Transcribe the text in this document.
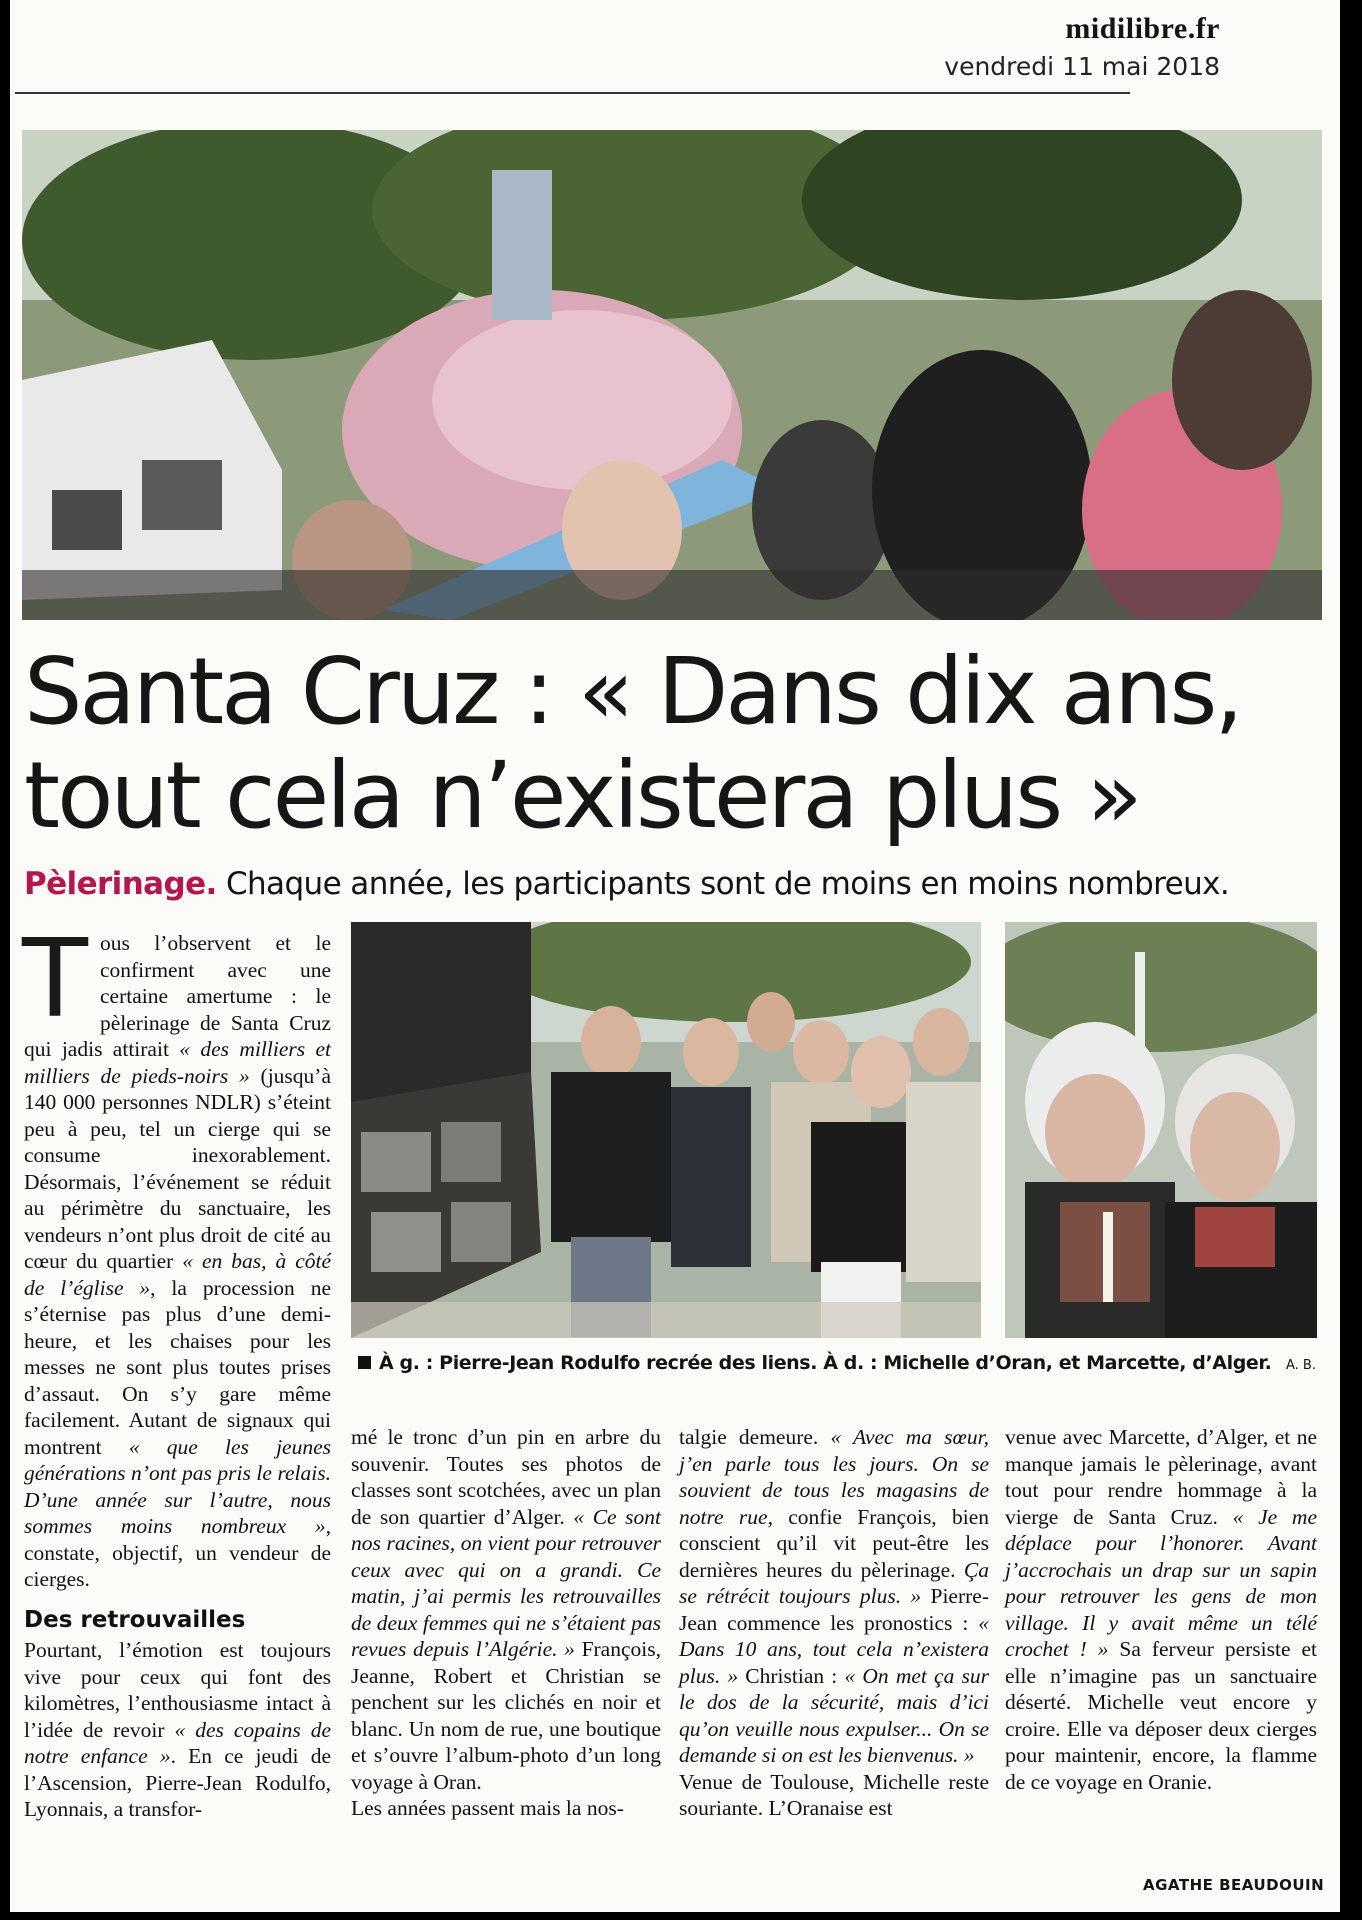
midilibre.fr
vendredi 11 mai 2018
Santa Cruz : « Dans dix ans,
tout cela n’existera plus »
Pèlerinage. Chaque année, les participants sont de moins en moins nombreux.
À g. : Pierre-Jean Rodulfo recrée des liens. À d. : Michelle d’Oran, et Marcette, d’Alger. A. B.

Tous l’observent et le confirment avec une certaine amertume : le pèlerinage de Santa Cruz qui jadis attirait « des milliers et milliers de pieds-noirs » (jusqu’à 140 000 personnes NDLR) s’éteint peu à peu, tel un cierge qui se consume inexorablement. Désormais, l’événement se réduit au périmètre du sanctuaire, les vendeurs n’ont plus droit de cité au cœur du quartier « en bas, à côté de l’église », la procession ne s’éternise pas plus d’une demi-heure, et les chaises pour les messes ne sont plus toutes prises d’assaut. On s’y gare même facilement. Autant de signaux qui montrent « que les jeunes générations n’ont pas pris le relais. D’une année sur l’autre, nous sommes moins nombreux », constate, objectif, un vendeur de cierges.

Des retrouvailles

Pourtant, l’émotion est toujours vive pour ceux qui font des kilomètres, l’enthousiasme intact à l’idée de revoir « des copains de notre enfance ». En ce jeudi de l’Ascension, Pierre-Jean Rodulfo, Lyonnais, a transfor-

mé le tronc d’un pin en arbre du souvenir. Toutes ses photos de classes sont scotchées, avec un plan de son quartier d’Alger. « Ce sont nos racines, on vient pour retrouver ceux avec qui on a grandi. Ce matin, j’ai permis les retrouvailles de deux femmes qui ne s’étaient pas revues depuis l’Algérie. » François, Jeanne, Robert et Christian se penchent sur les clichés en noir et blanc. Un nom de rue, une boutique et s’ouvre l’album-photo d’un long voyage à Oran.

Les années passent mais la nos-

talgie demeure. « Avec ma sœur, j’en parle tous les jours. On se souvient de tous les magasins de notre rue, confie François, bien conscient qu’il vit peut-être les dernières heures du pèlerinage. Ça se rétrécit toujours plus. » Pierre-Jean commence les pronostics : « Dans 10 ans, tout cela n’existera plus. » Christian : « On met ça sur le dos de la sécurité, mais d’ici qu’on veuille nous expulser... On se demande si on est les bienvenus. »

Venue de Toulouse, Michelle reste souriante. L’Oranaise est

venue avec Marcette, d’Alger, et ne manque jamais le pèlerinage, avant tout pour rendre hommage à la vierge de Santa Cruz. « Je me déplace pour l’honorer. Avant j’accrochais un drap sur un sapin pour retrouver les gens de mon village. Il y avait même un télé crochet ! » Sa ferveur persiste et elle n’imagine pas un sanctuaire déserté. Michelle veut encore y croire. Elle va déposer deux cierges pour maintenir, encore, la flamme de ce voyage en Oranie.

AGATHE BEAUDOUIN
